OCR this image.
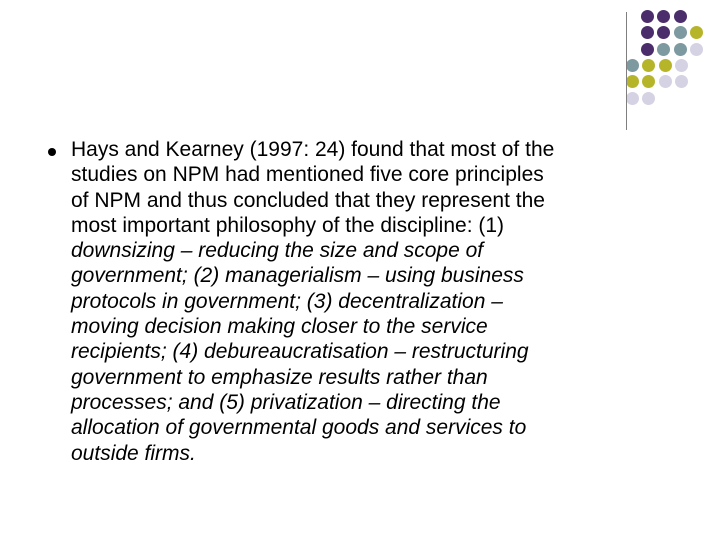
Hays and Kearney (1997: 24) found that most of the
studies on NPM had mentioned five core principles
of NPM and thus concluded that they represent the
most important philosophy of the discipline: (1)
downsizing – reducing the size and scope of
government; (2) managerialism – using business
protocols in government; (3) decentralization –
moving decision making closer to the service
recipients; (4) debureaucratisation – restructuring
government to emphasize results rather than
processes; and (5) privatization – directing the
allocation of governmental goods and services to
outside firms.
